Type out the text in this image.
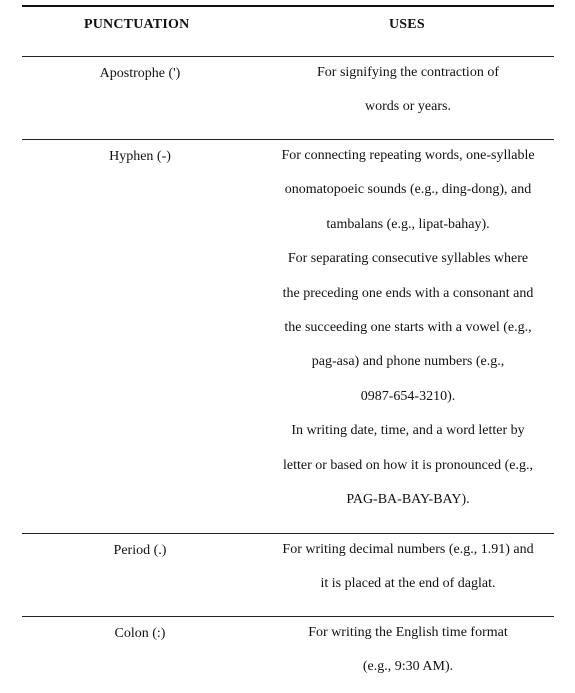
PUNCTUATION	USES
Apostrophe (')	For signifying the contraction of
words or years.
Hyphen (-)	For connecting repeating words, one-syllable
onomatopoeic sounds (e.g., ding-dong), and
tambalans (e.g., lipat-bahay).
For separating consecutive syllables where
the preceding one ends with a consonant and
the succeeding one starts with a vowel (e.g.,
pag-asa) and phone numbers (e.g.,
0987-654-3210).
In writing date, time, and a word letter by
letter or based on how it is pronounced (e.g.,
PAG-BA-BAY-BAY).
Period (.)	For writing decimal numbers (e.g., 1.91) and
it is placed at the end of daglat.
Colon (:)	For writing the English time format
(e.g., 9:30 AM).
